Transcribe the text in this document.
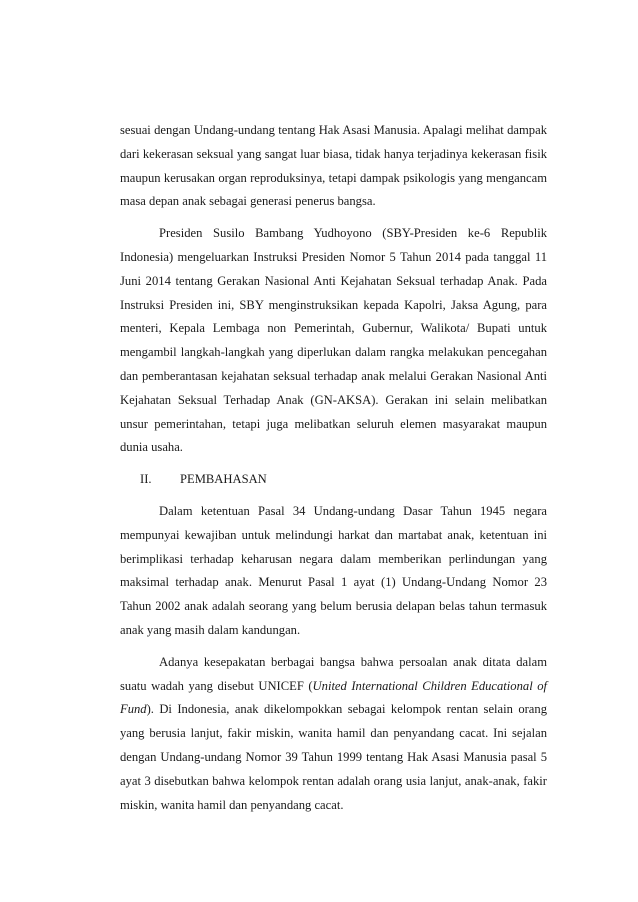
sesuai dengan Undang-undang tentang Hak Asasi Manusia. Apalagi melihat dampak dari kekerasan seksual yang sangat luar biasa, tidak hanya terjadinya kekerasan fisik maupun kerusakan organ reproduksinya, tetapi dampak psikologis yang mengancam masa depan anak sebagai generasi penerus bangsa.

Presiden Susilo Bambang Yudhoyono (SBY-Presiden ke-6 Republik Indonesia) mengeluarkan Instruksi Presiden Nomor 5 Tahun 2014 pada tanggal 11 Juni 2014 tentang Gerakan Nasional Anti Kejahatan Seksual terhadap Anak. Pada Instruksi Presiden ini, SBY menginstruksikan kepada Kapolri, Jaksa Agung, para menteri, Kepala Lembaga non Pemerintah, Gubernur, Walikota/ Bupati untuk mengambil langkah-langkah yang diperlukan dalam rangka melakukan pencegahan dan pemberantasan kejahatan seksual terhadap anak melalui Gerakan Nasional Anti Kejahatan Seksual Terhadap Anak (GN-AKSA). Gerakan ini selain melibatkan unsur pemerintahan, tetapi juga melibatkan seluruh elemen masyarakat maupun dunia usaha.

II. PEMBAHASAN

Dalam ketentuan Pasal 34 Undang-undang Dasar Tahun 1945 negara mempunyai kewajiban untuk melindungi harkat dan martabat anak, ketentuan ini berimplikasi terhadap keharusan negara dalam memberikan perlindungan yang maksimal terhadap anak. Menurut Pasal 1 ayat (1) Undang-Undang Nomor 23 Tahun 2002 anak adalah seorang yang belum berusia delapan belas tahun termasuk anak yang masih dalam kandungan.

Adanya kesepakatan berbagai bangsa bahwa persoalan anak ditata dalam suatu wadah yang disebut UNICEF (United International Children Educational of Fund). Di Indonesia, anak dikelompokkan sebagai kelompok rentan selain orang yang berusia lanjut, fakir miskin, wanita hamil dan penyandang cacat. Ini sejalan dengan Undang-undang Nomor 39 Tahun 1999 tentang Hak Asasi Manusia pasal 5 ayat 3 disebutkan bahwa kelompok rentan adalah orang usia lanjut, anak-anak, fakir miskin, wanita hamil dan penyandang cacat.
